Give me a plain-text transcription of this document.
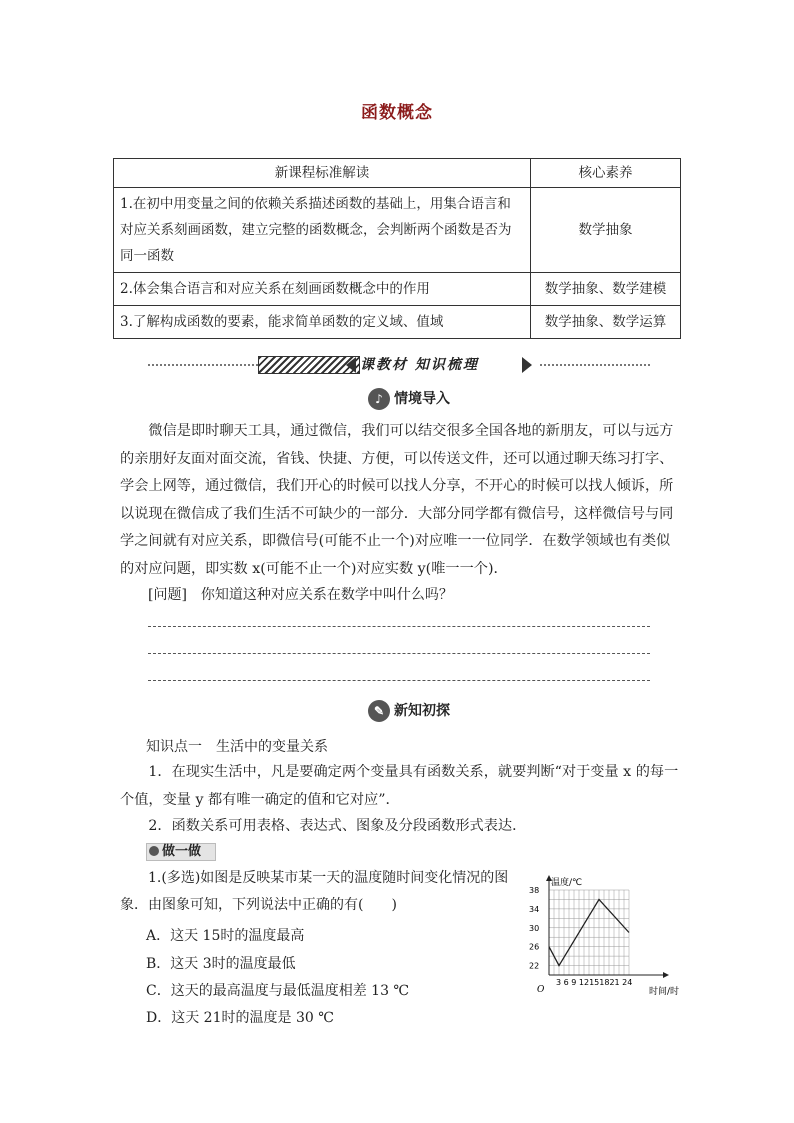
函数概念
新课程标准解读	核心素养
1.在初中用变量之间的依赖关系描述函数的基础上，用集合语言和对应关系刻画函数，建立完整的函数概念，会判断两个函数是否为同一函数	数学抽象
2.体会集合语言和对应关系在刻画函数概念中的作用	数学抽象、数学建模
3.了解构成函数的要素，能求简单函数的定义域、值域	数学抽象、数学运算
课教材 知识梳理
♪ 情境导入

微信是即时聊天工具，通过微信，我们可以结交很多全国各地的新朋友，可以与远方的亲朋好友面对面交流，省钱、快捷、方便，可以传送文件，还可以通过聊天练习打字、学会上网等，通过微信，我们开心的时候可以找人分享，不开心的时候可以找人倾诉，所以说现在微信成了我们生活不可缺少的一部分．大部分同学都有微信号，这样微信号与同学之间就有对应关系，即微信号(可能不止一个)对应唯一一位同学．在数学领域也有类似的对应问题，即实数 x(可能不止一个)对应实数 y(唯一一个)．

[问题]　你知道这种对应关系在数学中叫什么吗？
✎ 新知初探
知识点一　生活中的变量关系

1．在现实生活中，凡是要确定两个变量具有函数关系，就要判断“对于变量 x 的每一个值，变量 y 都有唯一确定的值和它对应”．

2．函数关系可用表格、表达式、图象及分段函数形式表达．

做一做
1.(多选)如图是反映某市某一天的温度随时间变化情况的图象．由图象可知，下列说法中正确的有(　　)
A．这天 15时的温度最高
B．这天 3时的温度最低
C．这天的最高温度与最低温度相差 13 ℃
D．这天 21时的温度是 30 ℃
22
26
30
34
38
温度/℃
时间/时
O
3 6 9 12151821 24
